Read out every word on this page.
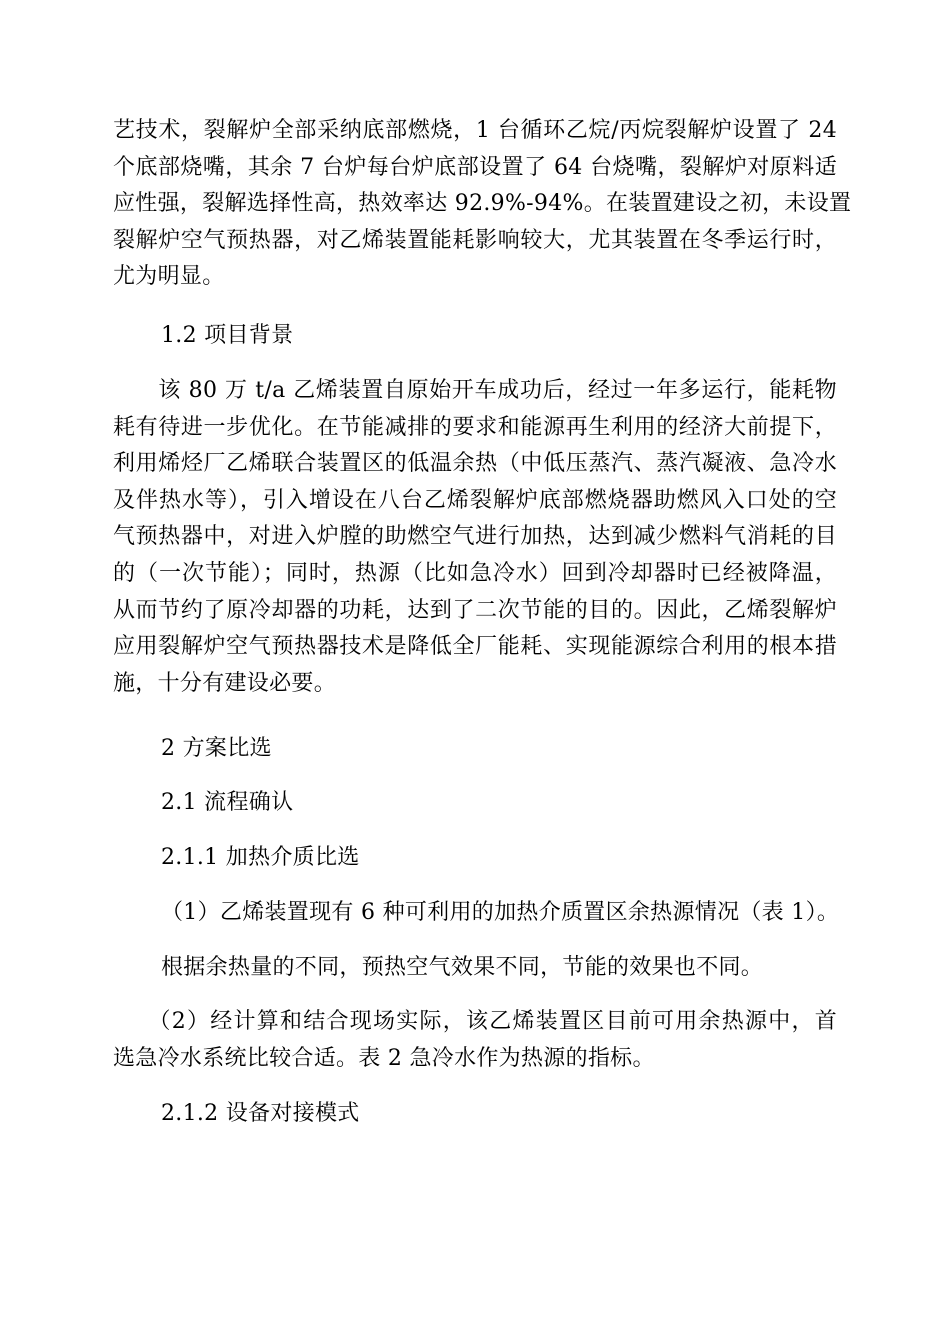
艺技术，裂解炉全部采纳底部燃烧，1 台循环乙烷/丙烷裂解炉设置了 24
个底部烧嘴，其余 7 台炉每台炉底部设置了 64 台烧嘴，裂解炉对原料适
应性强，裂解选择性高，热效率达 92.9%-94%。在装置建设之初，未设置
裂解炉空气预热器，对乙烯装置能耗影响较大，尤其装置在冬季运行时，
尤为明显。

1.2 项目背景

　　该 80 万 t/a 乙烯装置自原始开车成功后，经过一年多运行，能耗物
耗有待进一步优化。在节能减排的要求和能源再生利用的经济大前提下，
利用烯烃厂乙烯联合装置区的低温余热（中低压蒸汽、蒸汽凝液、急冷水
及伴热水等），引入增设在八台乙烯裂解炉底部燃烧器助燃风入口处的空
气预热器中，对进入炉膛的助燃空气进行加热，达到减少燃料气消耗的目
的（一次节能）；同时，热源（比如急冷水）回到冷却器时已经被降温，
从而节约了原冷却器的功耗，达到了二次节能的目的。因此，乙烯裂解炉
应用裂解炉空气预热器技术是降低全厂能耗、实现能源综合利用的根本措
施，十分有建设必要。

2 方案比选

2.1 流程确认

2.1.1 加热介质比选

（1）乙烯装置现有 6 种可利用的加热介质置区余热源情况（表 1）。

根据余热量的不同，预热空气效果不同，节能的效果也不同。

　　（2）经计算和结合现场实际，该乙烯装置区目前可用余热源中，首
选急冷水系统比较合适。表 2 急冷水作为热源的指标。

2.1.2 设备对接模式
